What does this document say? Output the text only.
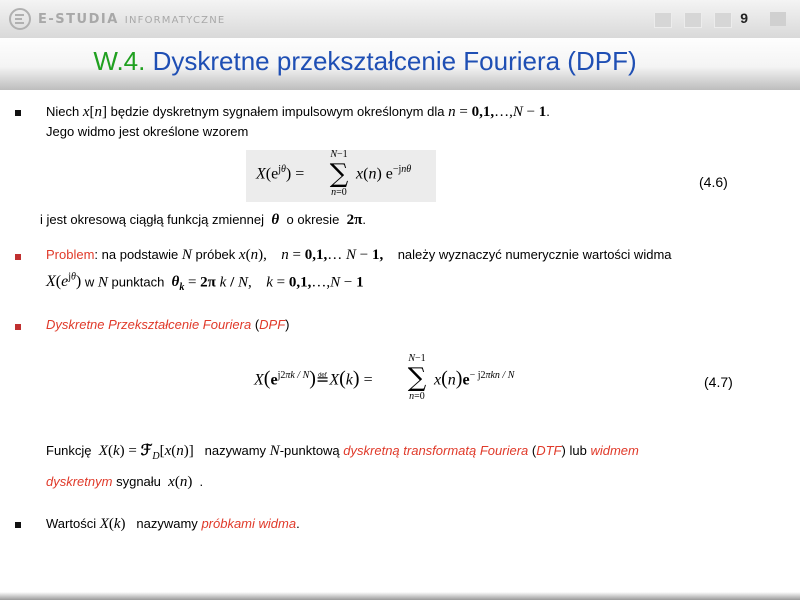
E-STUDIA INFORMATYCZNE	9
W.4. Dyskretne przekształcenie Fouriera (DPF)
Niech x[n] będzie dyskretnym sygnałem impulsowym określonym dla n = 0,1,…,N − 1.
Jego widmo jest określone wzorem
$X(e^{j\theta})$ =
N−1
∑
n=0
x(n) $e^{-jn\theta}$
(4.6)
i jest okresową ciągłą funkcją zmiennej  θ  o okresie  2π.
Problem: na podstawie N próbek x(n), n = 0,1,… N − 1, należy wyznaczyć numerycznie wartości widma
$X(e^{j\theta})$ w N punktach $\theta_k = 2\pi$ k / N, k = 0,1,…,N − 1
Dyskretne Przekształcenie Fouriera (DPF)
$X(e^{j2\pi k / N})≝X(k)$ =
N−1
∑
n=0
$x(n)e^{- j2\pi kn / N}$	(4.7)
Funkcję X(k) = ℱ$_D$[x(n)] nazywamy N-punktową dyskretną transformatą Fouriera (DTF) lub widmem
dyskretnym sygnału x(n) .
Wartości X(k) nazywamy próbkami widma.
